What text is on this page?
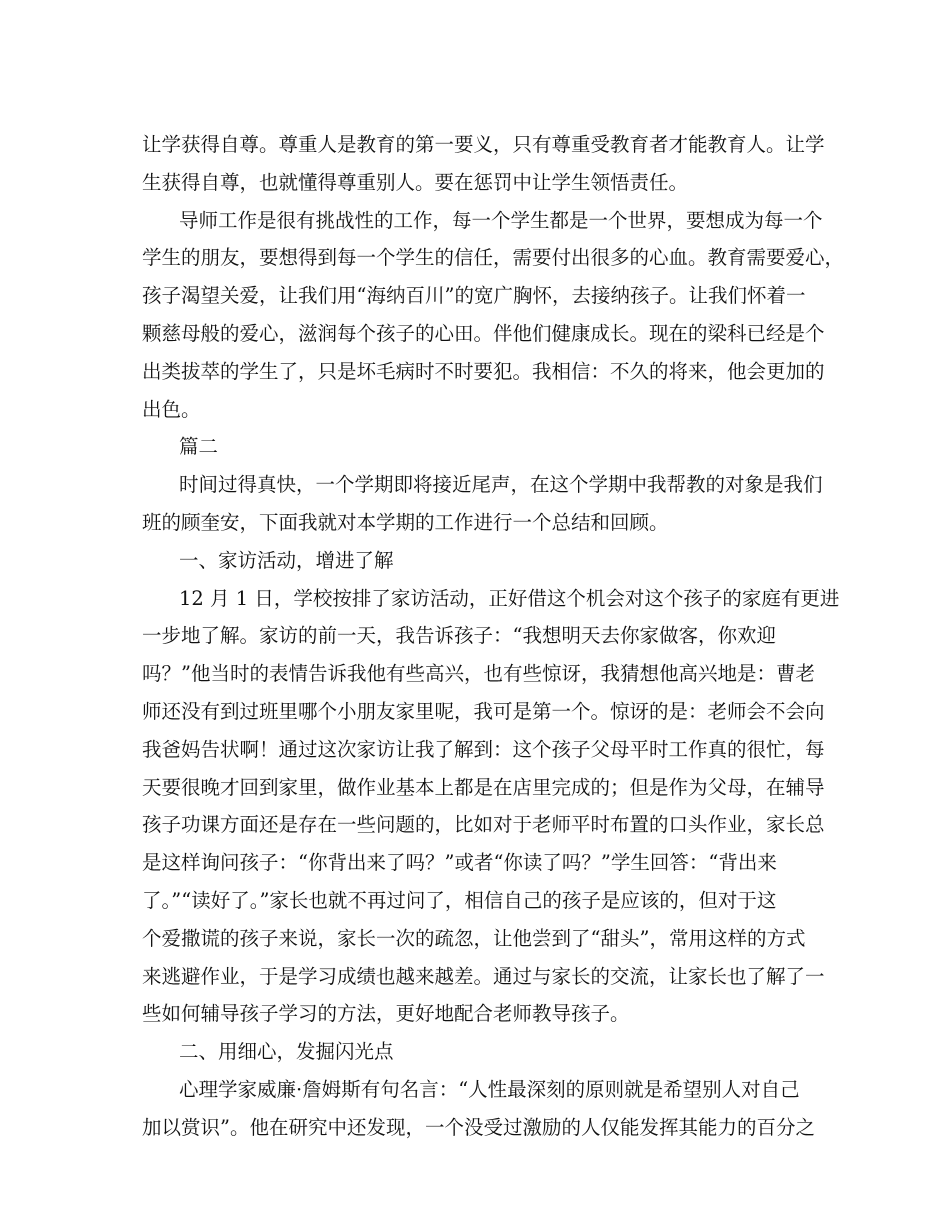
让学获得自尊。尊重人是教育的第一要义，只有尊重受教育者才能教育人。让学
生获得自尊，也就懂得尊重别人。要在惩罚中让学生领悟责任。
导师工作是很有挑战性的工作，每一个学生都是一个世界，要想成为每一个
学生的朋友，要想得到每一个学生的信任，需要付出很多的心血。教育需要爱心，
孩子渴望关爱，让我们用“海纳百川”的宽广胸怀，去接纳孩子。让我们怀着一
颗慈母般的爱心，滋润每个孩子的心田。伴他们健康成长。现在的梁科已经是个
出类拔萃的学生了，只是坏毛病时不时要犯。我相信：不久的将来，他会更加的
出色。
篇二
时间过得真快，一个学期即将接近尾声，在这个学期中我帮教的对象是我们
班的顾奎安，下面我就对本学期的工作进行一个总结和回顾。
一、家访活动，增进了解
12 月 1 日，学校按排了家访活动，正好借这个机会对这个孩子的家庭有更进
一步地了解。家访的前一天，我告诉孩子：“我想明天去你家做客，你欢迎
吗？”他当时的表情告诉我他有些高兴，也有些惊讶，我猜想他高兴地是：曹老
师还没有到过班里哪个小朋友家里呢，我可是第一个。惊讶的是：老师会不会向
我爸妈告状啊！通过这次家访让我了解到：这个孩子父母平时工作真的很忙，每
天要很晚才回到家里，做作业基本上都是在店里完成的；但是作为父母，在辅导
孩子功课方面还是存在一些问题的，比如对于老师平时布置的口头作业，家长总
是这样询问孩子：“你背出来了吗？”或者“你读了吗？”学生回答：“背出来
了。”“读好了。”家长也就不再过问了，相信自己的孩子是应该的，但对于这
个爱撒谎的孩子来说，家长一次的疏忽，让他尝到了“甜头”，常用这样的方式
来逃避作业，于是学习成绩也越来越差。通过与家长的交流，让家长也了解了一
些如何辅导孩子学习的方法，更好地配合老师教导孩子。
二、用细心，发掘闪光点
心理学家威廉·詹姆斯有句名言：“人性最深刻的原则就是希望别人对自己
加以赏识”。他在研究中还发现，一个没受过激励的人仅能发挥其能力的百分之
